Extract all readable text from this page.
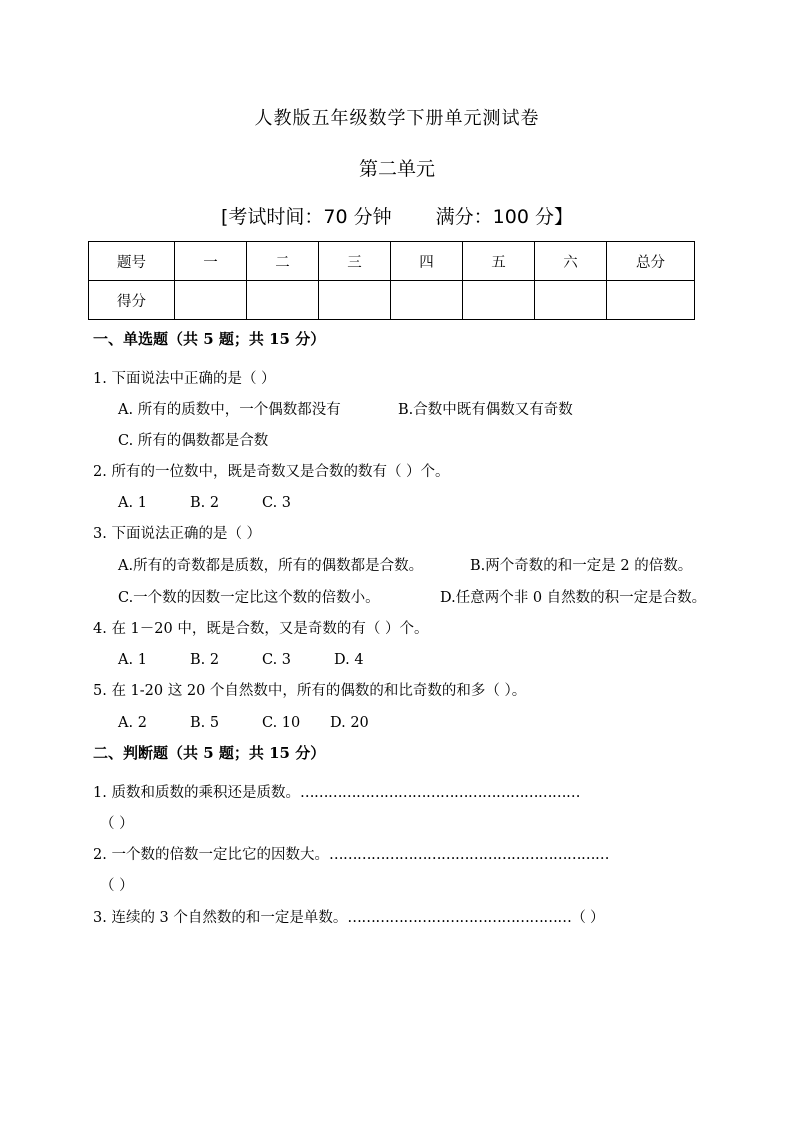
人教版五年级数学下册单元测试卷
第二单元
[考试时间：70 分钟 满分：100 分】
题号	一	二	三	四	五	六	总分
得分							
一、单选题（共 5 题；共 15 分）
1. 下面说法中正确的是（ ）
A. 所有的质数中，一个偶数都没有	B.合数中既有偶数又有奇数
C. 所有的偶数都是合数
2. 所有的一位数中，既是奇数又是合数的数有（ ）个。
A. 1	B. 2	C. 3
3. 下面说法正确的是（ ）
A.所有的奇数都是质数，所有的偶数都是合数。	B.两个奇数的和一定是 2 的倍数。
C.一个数的因数一定比这个数的倍数小。	D.任意两个非 0 自然数的积一定是合数。
4. 在 1－20 中，既是合数，又是奇数的有（ ）个。
A. 1	B. 2	C. 3	D. 4
5. 在 1-20 这 20 个自然数中，所有的偶数的和比奇数的和多（ ）。
A. 2	B. 5	C. 10 D. 20
二、判断题（共 5 题；共 15 分）
1. 质数和质数的乘积还是质数。……………………………………………………
（ ）
2. 一个数的倍数一定比它的因数大。……………………………………………………
（ ）
3. 连续的 3 个自然数的和一定是单数。…………………………………………（ ）
